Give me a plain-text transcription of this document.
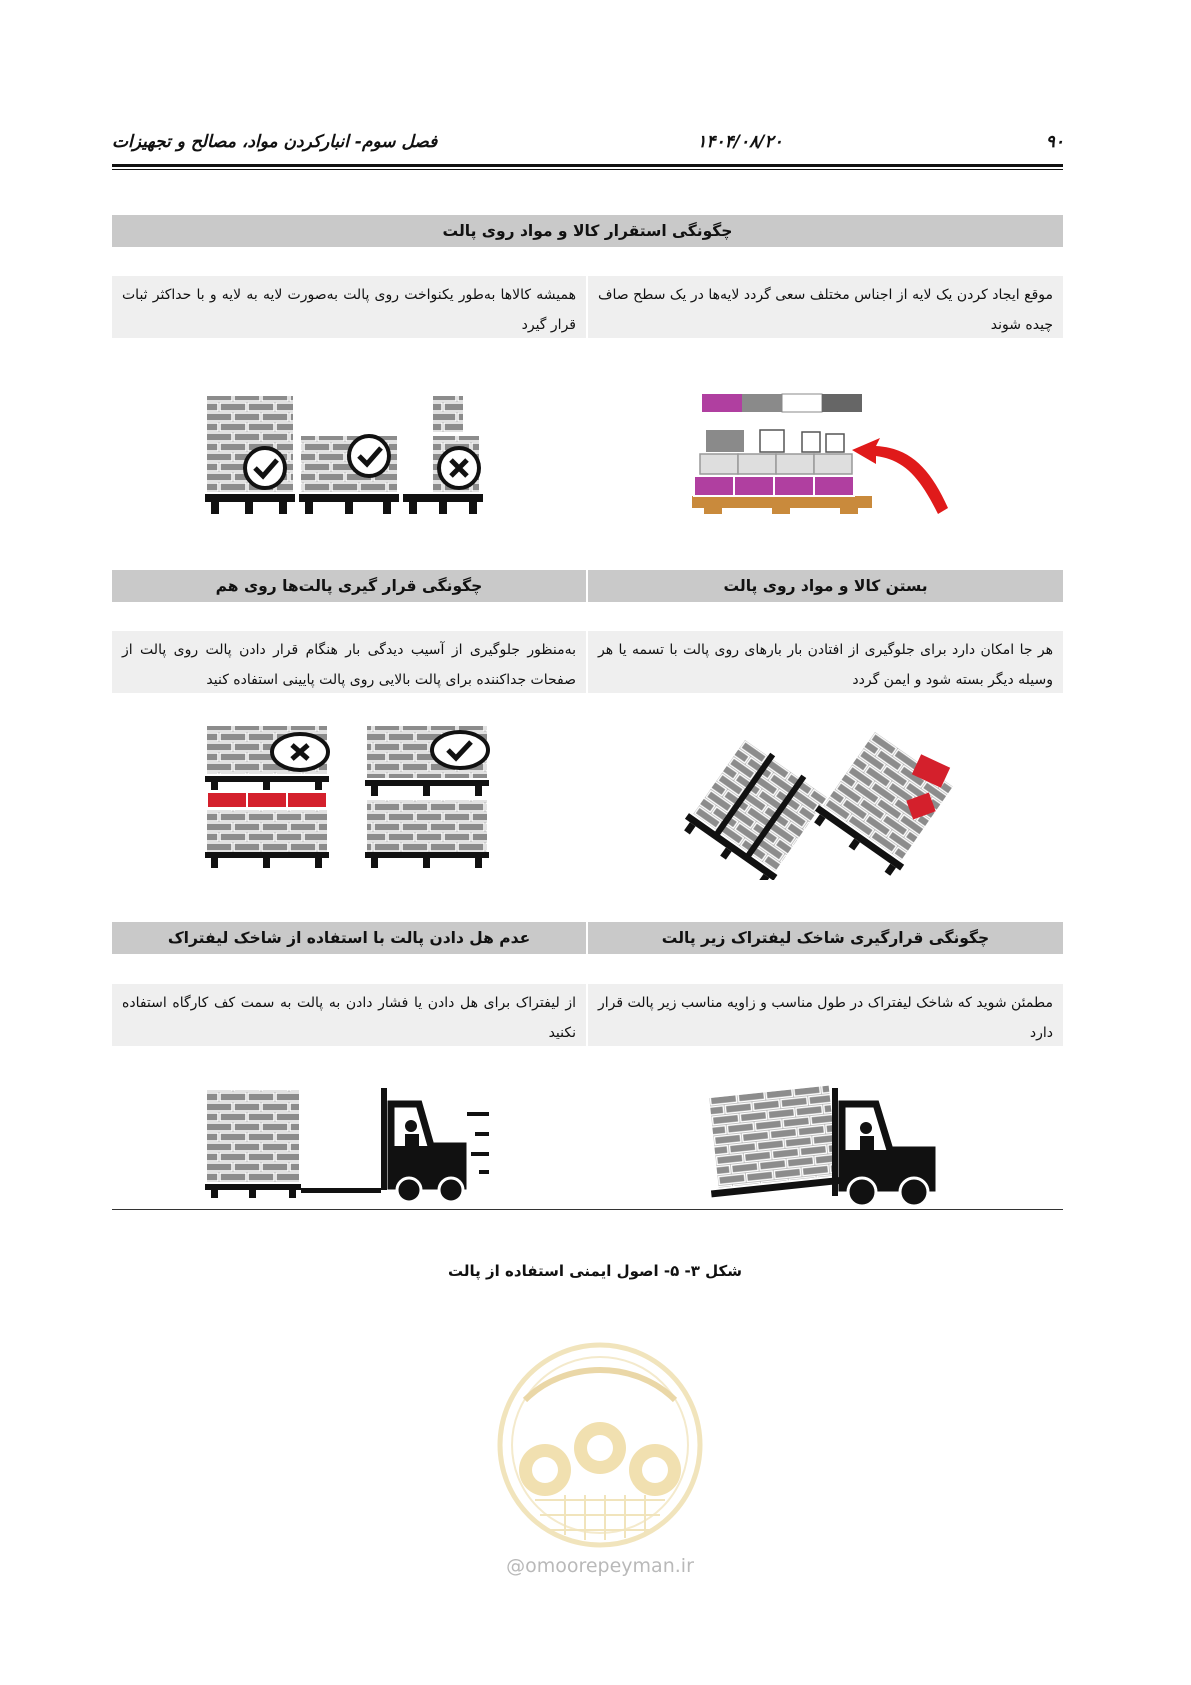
۹۰
۱۴۰۴/۰۸/۲۰
فصل سوم- انبارکردن مواد، مصالح و تجهیزات
چگونگی استقرار کالا و مواد روی پالت
موقع ایجاد کردن یک لایه از اجناس مختلف سعی گردد لایه‌ها در یک سطح صاف چیده شوند
همیشه کالاها به‌طور یکنواخت روی پالت به‌صورت لایه به لایه و با حداکثر ثبات قرار گیرد
بستن کالا و مواد روی پالت
چگونگی قرار گیری پالت‌ها روی هم
هر جا امکان دارد برای جلوگیری از افتادن بار بارهای روی پالت با تسمه یا هر وسیله دیگر بسته شود و ایمن گردد
به‌منظور جلوگیری از آسیب دیدگی بار هنگام قرار دادن پالت روی پالت از صفحات جداکننده برای پالت بالایی روی پالت پایینی استفاده کنید
چگونگی قرارگیری شاخک لیفتراک زیر پالت
عدم هل دادن پالت با استفاده از شاخک لیفتراک
مطمئن شوید که شاخک لیفتراک در طول مناسب و زاویه مناسب زیر پالت قرار دارد
از لیفتراک برای هل دادن یا فشار دادن به پالت به سمت کف کارگاه استفاده نکنید
شکل ۳- ۵- اصول ایمنی استفاده از پالت
@omoorepeyman.ir
